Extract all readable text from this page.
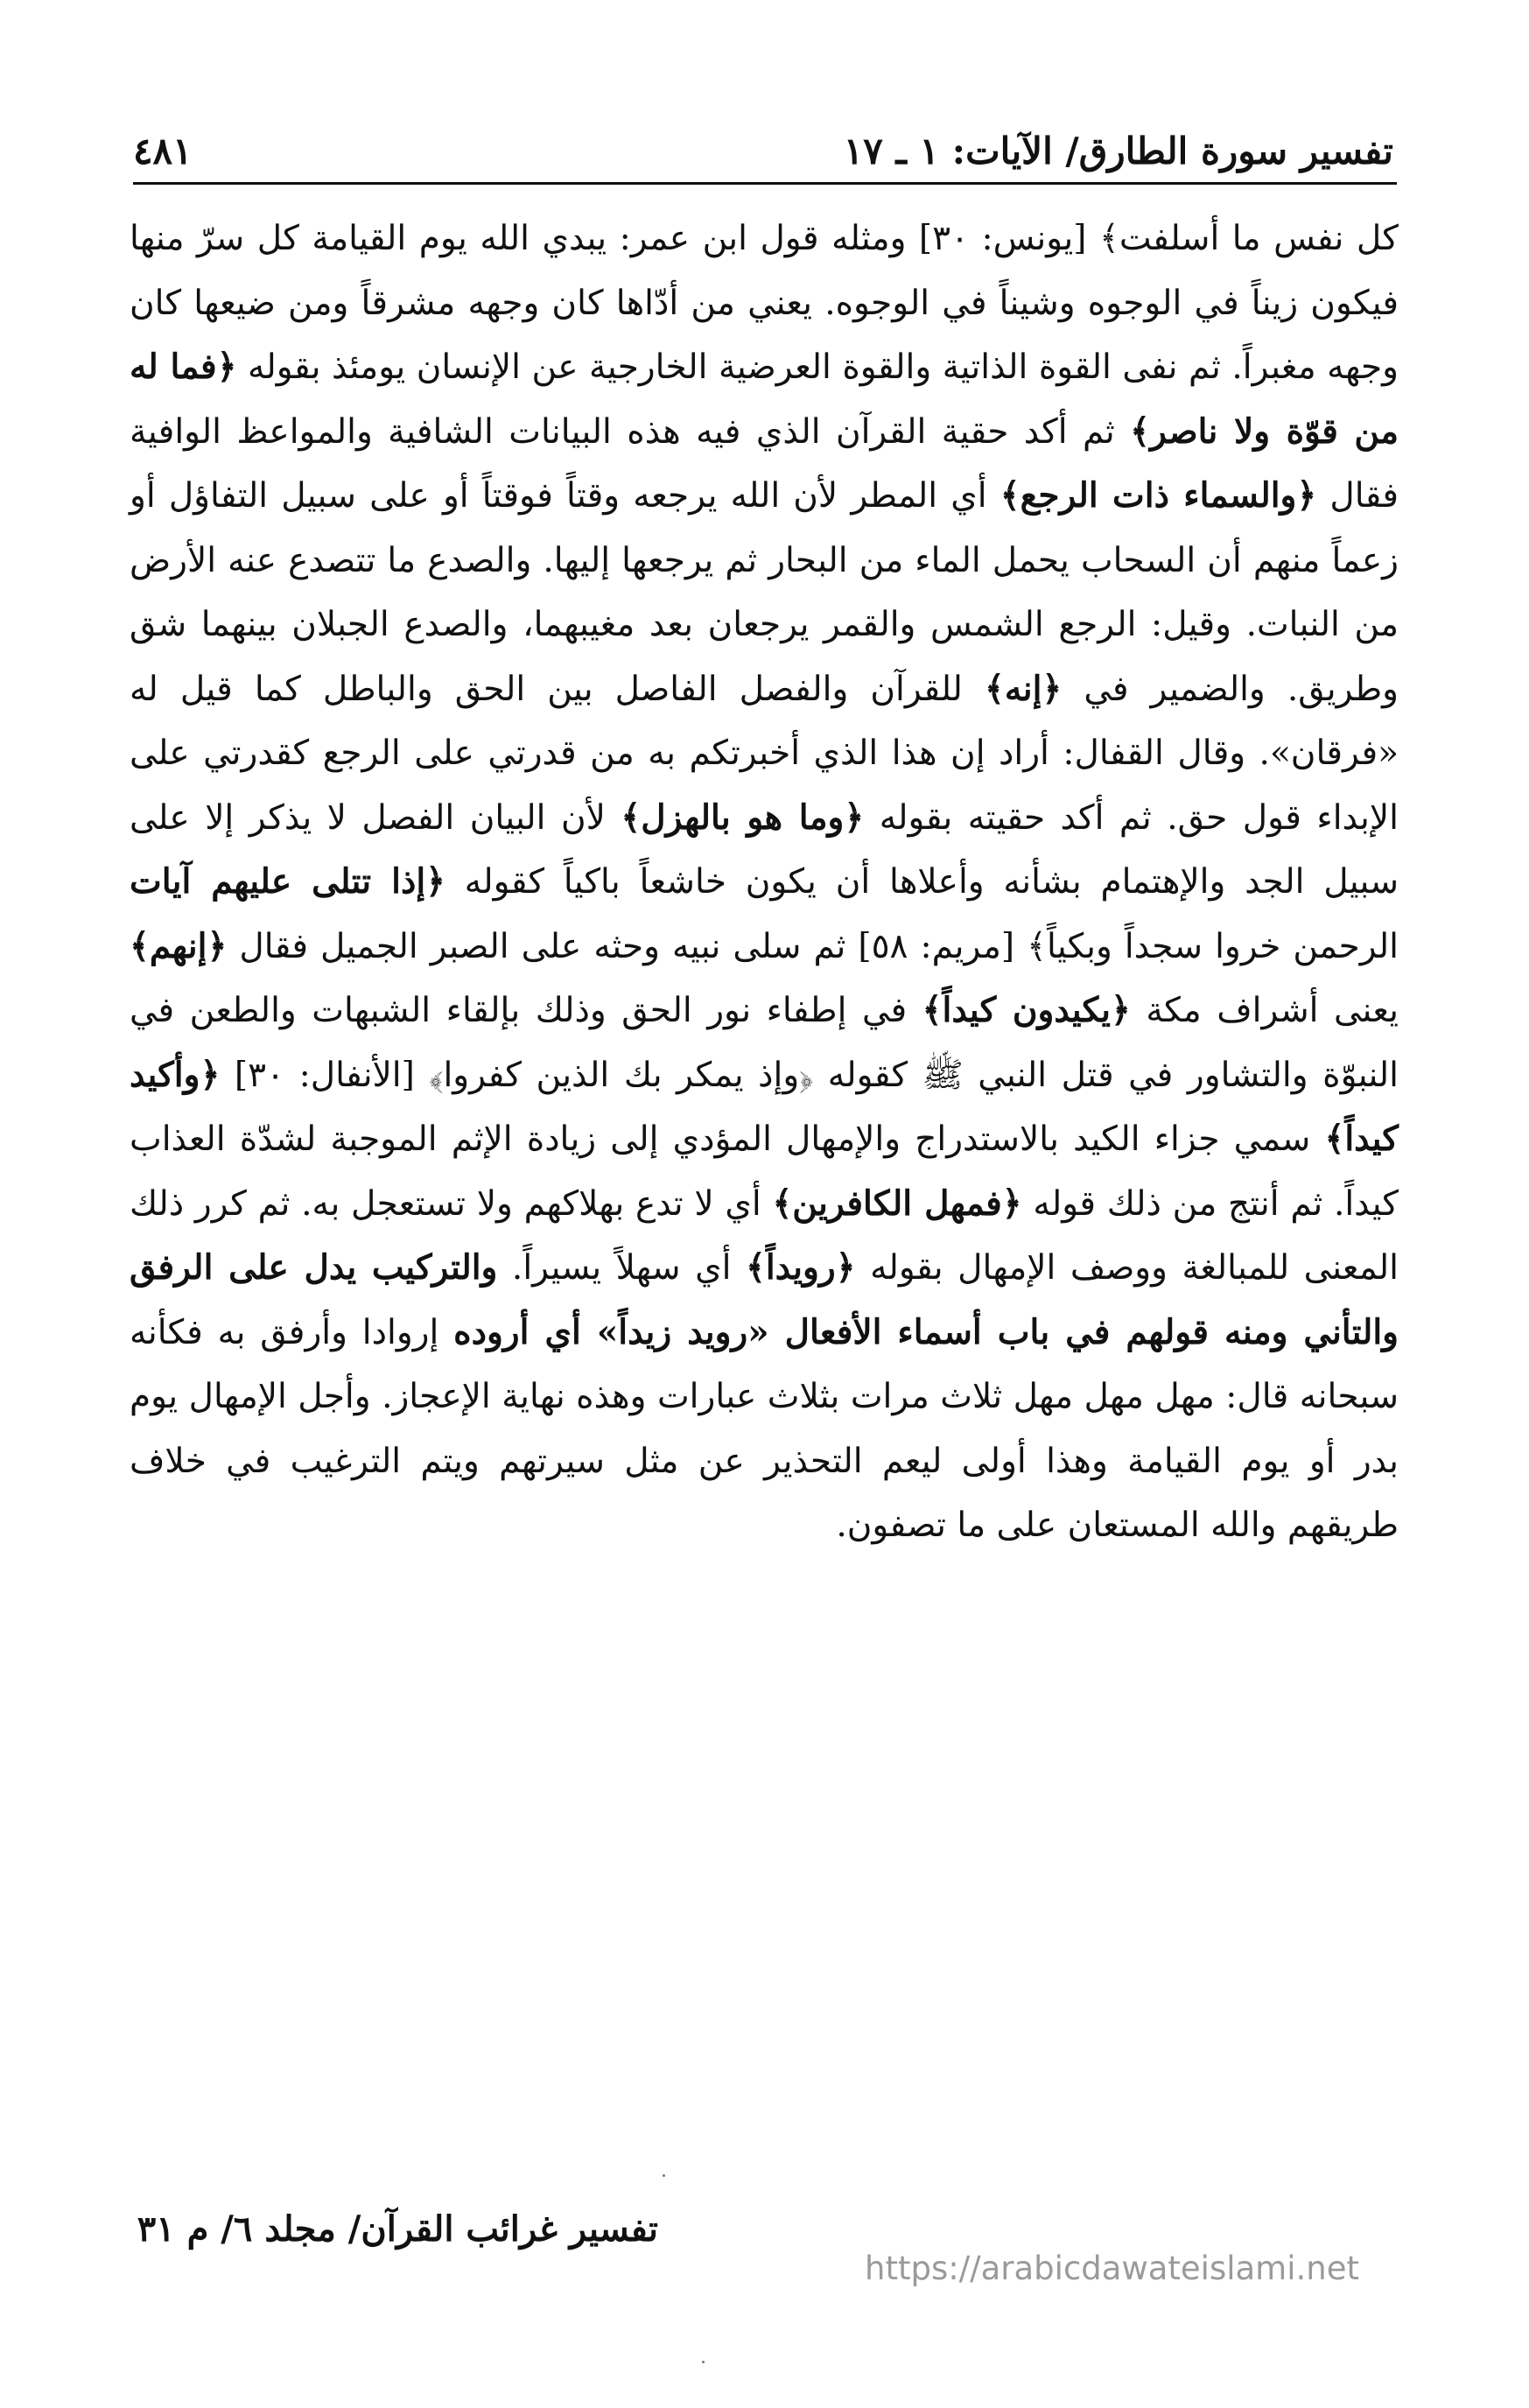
تفسير سورة الطارق/ الآيات: ١ ـ ١٧
٤٨١

كل نفس ما أسلفت﴾ [يونس: ٣٠] ومثله قول ابن عمر: يبدي الله يوم القيامة كل سرّ منها فيكون زيناً في الوجوه وشيناً في الوجوه. يعني من أدّاها كان وجهه مشرقاً ومن ضيعها كان وجهه مغبراً. ثم نفى القوة الذاتية والقوة العرضية الخارجية عن الإنسان يومئذ بقوله ﴿فما له من قوّة ولا ناصر﴾ ثم أكد حقية القرآن الذي فيه هذه البيانات الشافية والمواعظ الوافية فقال ﴿والسماء ذات الرجع﴾ أي المطر لأن الله يرجعه وقتاً فوقتاً أو على سبيل التفاؤل أو زعماً منهم أن السحاب يحمل الماء من البحار ثم يرجعها إليها. والصدع ما تتصدع عنه الأرض من النبات. وقيل: الرجع الشمس والقمر يرجعان بعد مغيبهما، والصدع الجبلان بينهما شق وطريق. والضمير في ﴿إنه﴾ للقرآن والفصل الفاصل بين الحق والباطل كما قيل له «فرقان». وقال القفال: أراد إن هذا الذي أخبرتكم به من قدرتي على الرجع كقدرتي على الإبداء قول حق. ثم أكد حقيته بقوله ﴿وما هو بالهزل﴾ لأن البيان الفصل لا يذكر إلا على سبيل الجد والإهتمام بشأنه وأعلاها أن يكون خاشعاً باكياً كقوله ﴿إذا تتلى عليهم آيات الرحمن خروا سجداً وبكياً﴾ [مريم: ٥٨] ثم سلى نبيه وحثه على الصبر الجميل فقال ﴿إنهم﴾ يعنى أشراف مكة ﴿يكيدون كيداً﴾ في إطفاء نور الحق وذلك بإلقاء الشبهات والطعن في النبوّة والتشاور في قتل النبي ﷺ كقوله ﴿وإذ يمكر بك الذين كفروا﴾ [الأنفال: ٣٠] ﴿وأكيد كيداً﴾ سمي جزاء الكيد بالاستدراج والإمهال المؤدي إلى زيادة الإثم الموجبة لشدّة العذاب كيداً. ثم أنتج من ذلك قوله ﴿فمهل الكافرين﴾ أي لا تدع بهلاكهم ولا تستعجل به. ثم كرر ذلك المعنى للمبالغة ووصف الإمهال بقوله ﴿رويداً﴾ أي سهلاً يسيراً. والتركيب يدل على الرفق والتأني ومنه قولهم في باب أسماء الأفعال «رويد زيداً» أي أروده إروادا وأرفق به فكأنه سبحانه قال: مهل مهل مهل ثلاث مرات بثلاث عبارات وهذه نهاية الإعجاز. وأجل الإمهال يوم بدر أو يوم القيامة وهذا أولى ليعم التحذير عن مثل سيرتهم ويتم الترغيب في خلاف طريقهم والله المستعان على ما تصفون.

تفسير غرائب القرآن/ مجلد ٦/ م ٣١
https://arabicdawateislami.net
